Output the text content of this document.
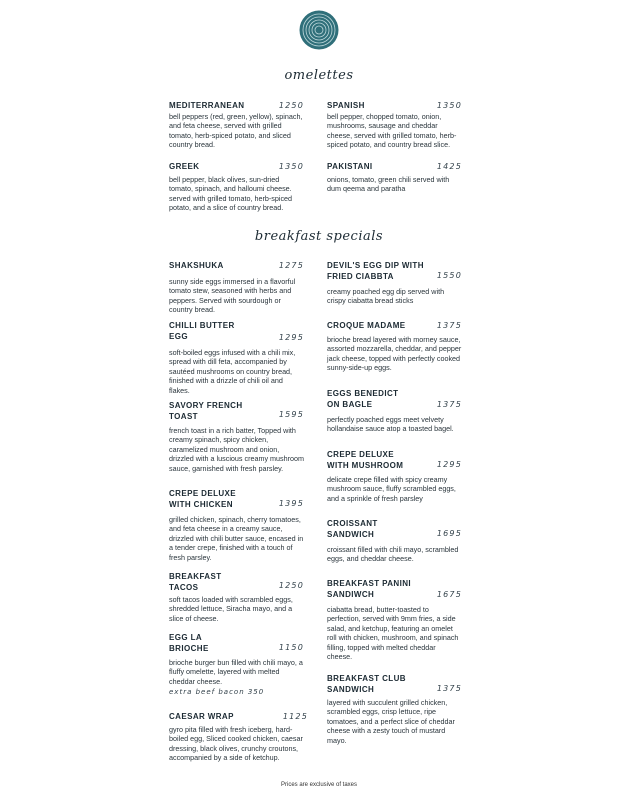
omelettes
breakfast specials
MEDITERRANEAN	1250
bell peppers (red, green, yellow), spinach, and feta cheese, served with grilled tomato, herb-spiced potato, and sliced country bread.
GREEK	1350
bell pepper, black olives, sun-dried tomato, spinach, and halloumi cheese. served with grilled tomato, herb-spiced potato, and a slice of country bread.
SPANISH	1350
bell pepper, chopped tomato, onion, mushrooms, sausage and cheddar cheese, served with grilled tomato, herb-spiced potato, and country bread slice.
PAKISTANI	1425
onions, tomato, green chili served with dum qeema and paratha
SHAKSHUKA	1275
sunny side eggs immersed in a flavorful tomato stew, seasoned with herbs and peppers. Served with sourdough or country bread.
CHILLI BUTTER EGG	1295
soft-boiled eggs infused with a chili mix, spread with dill feta, accompanied by sautéed mushrooms on country bread, finished with a drizzle of chili oil and flakes.
SAVORY FRENCH TOAST	1595
french toast in a rich batter, Topped with creamy spinach, spicy chicken, caramelized mushroom and onion, drizzled with a luscious creamy mushroom sauce, garnished with fresh parsley.
CREPE DELUXE WITH CHICKEN	1395
grilled chicken, spinach, cherry tomatoes, and feta cheese in a creamy sauce, drizzled with chili butter sauce, encased in a tender crepe, finished with a touch of fresh parsley.
BREAKFAST TACOS	1250
soft tacos loaded with scrambled eggs, shredded lettuce, Siracha mayo, and a slice of cheese.
EGG LA BRIOCHE	1150
brioche burger bun filled with chili mayo, a fluffy omelette, layered with melted cheddar cheese.
extra beef bacon 350
CAESAR WRAP	1125
gyro pita filled with fresh iceberg, hard-boiled egg, Sliced cooked chicken, caesar dressing, black olives, crunchy croutons, accompanied by a side of ketchup.
DEVIL'S EGG DIP WITH FRIED CIABBTA	1550
creamy poached egg dip served with crispy ciabatta bread sticks
CROQUE MADAME	1375
brioche bread layered with morney sauce, assorted mozzarella, cheddar, and pepper jack cheese, topped with perfectly cooked sunny-side-up eggs.
EGGS BENEDICT ON BAGLE	1375
perfectly poached eggs meet velvety hollandaise sauce atop a toasted bagel.
CREPE DELUXE WITH MUSHROOM	1295
delicate crepe filled with spicy creamy mushroom sauce, fluffy scrambled eggs, and a sprinkle of fresh parsley
CROISSANT SANDWICH	1695
croissant filled with chili mayo, scrambled eggs, and cheddar cheese.
BREAKFAST PANINI SANDIWCH	1675
ciabatta bread, butter-toasted to perfection, served with 9mm fries, a side salad, and ketchup, featuring an omelet roll with chicken, mushroom, and spinach filling, topped with melted cheddar cheese.
BREAKFAST CLUB SANDWICH	1375
layered with succulent grilled chicken, scrambled eggs, crisp lettuce, ripe tomatoes, and a perfect slice of cheddar cheese with a zesty touch of mustard mayo.
Prices are exclusive of taxes
